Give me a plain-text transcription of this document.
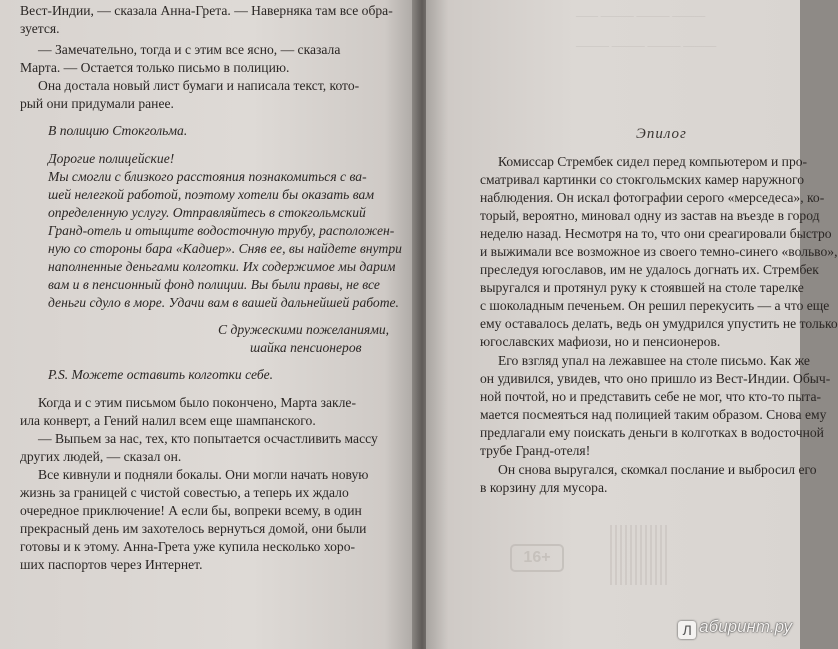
Вест-Индии, — сказала Анна-Грета. — Наверняка там все обра-
зуется.
— Замечательно, тогда и с этим все ясно, — сказала
Марта. — Остается только письмо в полицию.
Она достала новый лист бумаги и написала текст, кото-
рый они придумали ранее.
В полицию Стокгольма.
Дорогие полицейские!
Мы смогли с близкого расстояния познакомиться с ва-
шей нелегкой работой, поэтому хотели бы оказать вам
определенную услугу. Отправляйтесь в стокгольмский
Гранд-отель и отыщите водосточную трубу, расположен-
ную со стороны бара «Кадиер». Сняв ее, вы найдете внутри
наполненные деньгами колготки. Их содержимое мы дарим
вам и в пенсионный фонд полиции. Вы были правы, не все
деньги сдуло в море. Удачи вам в вашей дальнейшей работе.
С дружескими пожеланиями,
шайка пенсионеров
P.S. Можете оставить колготки себе.
Когда и с этим письмом было покончено, Марта закле-
ила конверт, а Гений налил всем еще шампанского.
— Выпьем за нас, тех, кто попытается осчастливить массу
других людей, — сказал он.
Все кивнули и подняли бокалы. Они могли начать новую
жизнь за границей с чистой совестью, а теперь их ждало
очередное приключение! А если бы, вопреки всему, в один
прекрасный день им захотелось вернуться домой, они были
готовы и к этому. Анна-Грета уже купила несколько хоро-
ших паспортов через Интернет.
—— ——— ——— ———
——— ——— ——— ———
Эпилог
Комиссар Стрембек сидел перед компьютером и про-
сматривал картинки со стокгольмских камер наружного
наблюдения. Он искал фотографии серого «мерседеса», ко-
торый, вероятно, миновал одну из застав на въезде в город
неделю назад. Несмотря на то, что они среагировали быстро
и выжимали все возможное из своего темно-синего «вольво»,
преследуя югославов, им не удалось догнать их. Стрембек
выругался и протянул руку к стоявшей на столе тарелке
с шоколадным печеньем. Он решил перекусить — а что еще
ему оставалось делать, ведь он умудрился упустить не только
югославских мафиози, но и пенсионеров.
Его взгляд упал на лежавшее на столе письмо. Как же
он удивился, увидев, что оно пришло из Вест-Индии. Обыч-
ной почтой, но и представить себе не мог, что кто-то пыта-
мается посмеяться над полицией таким образом. Снова ему
предлагали ему поискать деньги в колготках в водосточной
трубе Гранд-отеля!
Он снова выругался, скомкал послание и выбросил его
в корзину для мусора.
16+
Л абиринт.ру
